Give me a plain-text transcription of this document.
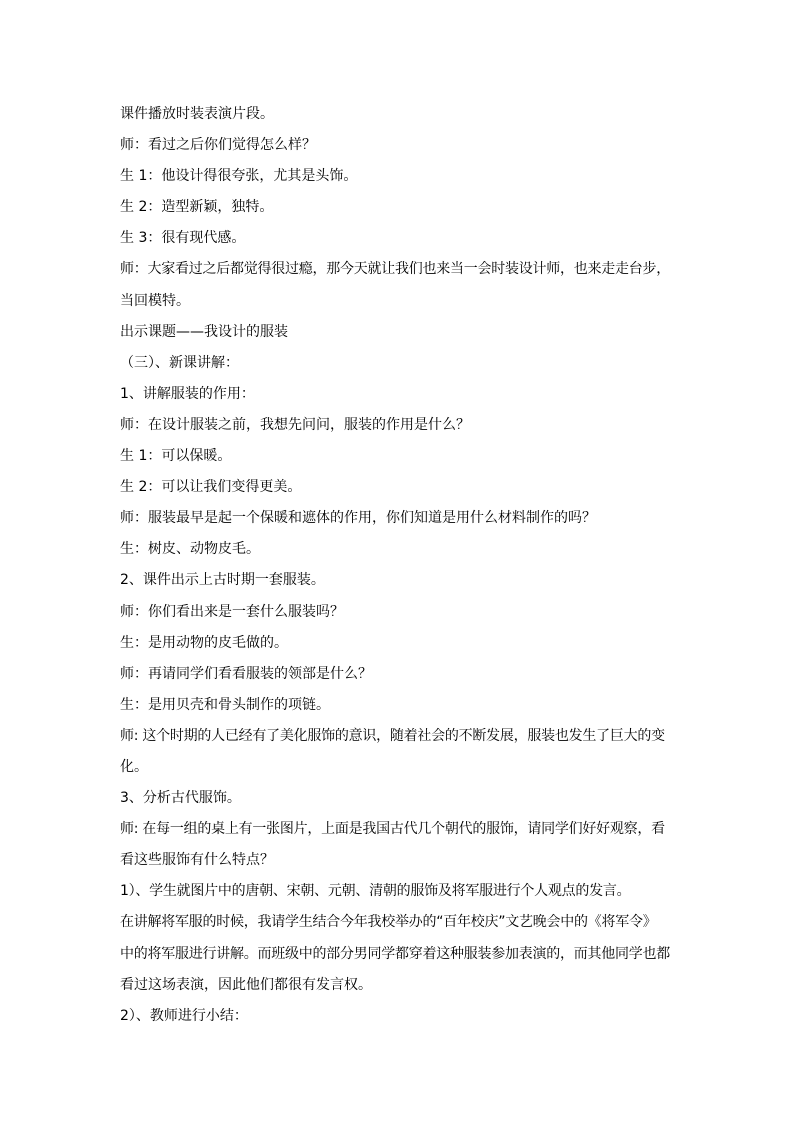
课件播放时装表演片段。
师：看过之后你们觉得怎么样？
生 1：他设计得很夸张，尤其是头饰。
生 2：造型新颖，独特。
生 3：很有现代感。
师：大家看过之后都觉得很过瘾，那今天就让我们也来当一会时装设计师，也来走走台步，
当回模特。
出示课题——我设计的服装
（三）、新课讲解：
1、讲解服装的作用：
师：在设计服装之前，我想先问问，服装的作用是什么？
生 1：可以保暖。
生 2：可以让我们变得更美。
师：服装最早是起一个保暖和遮体的作用，你们知道是用什么材料制作的吗？
生：树皮、动物皮毛。
2、课件出示上古时期一套服装。
师：你们看出来是一套什么服装吗？
生：是用动物的皮毛做的。
师：再请同学们看看服装的领部是什么？
生：是用贝壳和骨头制作的项链。
师: 这个时期的人已经有了美化服饰的意识，随着社会的不断发展，服装也发生了巨大的变
化。
3、分析古代服饰。
师: 在每一组的桌上有一张图片，上面是我国古代几个朝代的服饰，请同学们好好观察，看
看这些服饰有什么特点？
1）、学生就图片中的唐朝、宋朝、元朝、清朝的服饰及将军服进行个人观点的发言。
在讲解将军服的时候，我请学生结合今年我校举办的“百年校庆”文艺晚会中的《将军令》
中的将军服进行讲解。而班级中的部分男同学都穿着这种服装参加表演的，而其他同学也都
看过这场表演，因此他们都很有发言权。
2）、教师进行小结：
